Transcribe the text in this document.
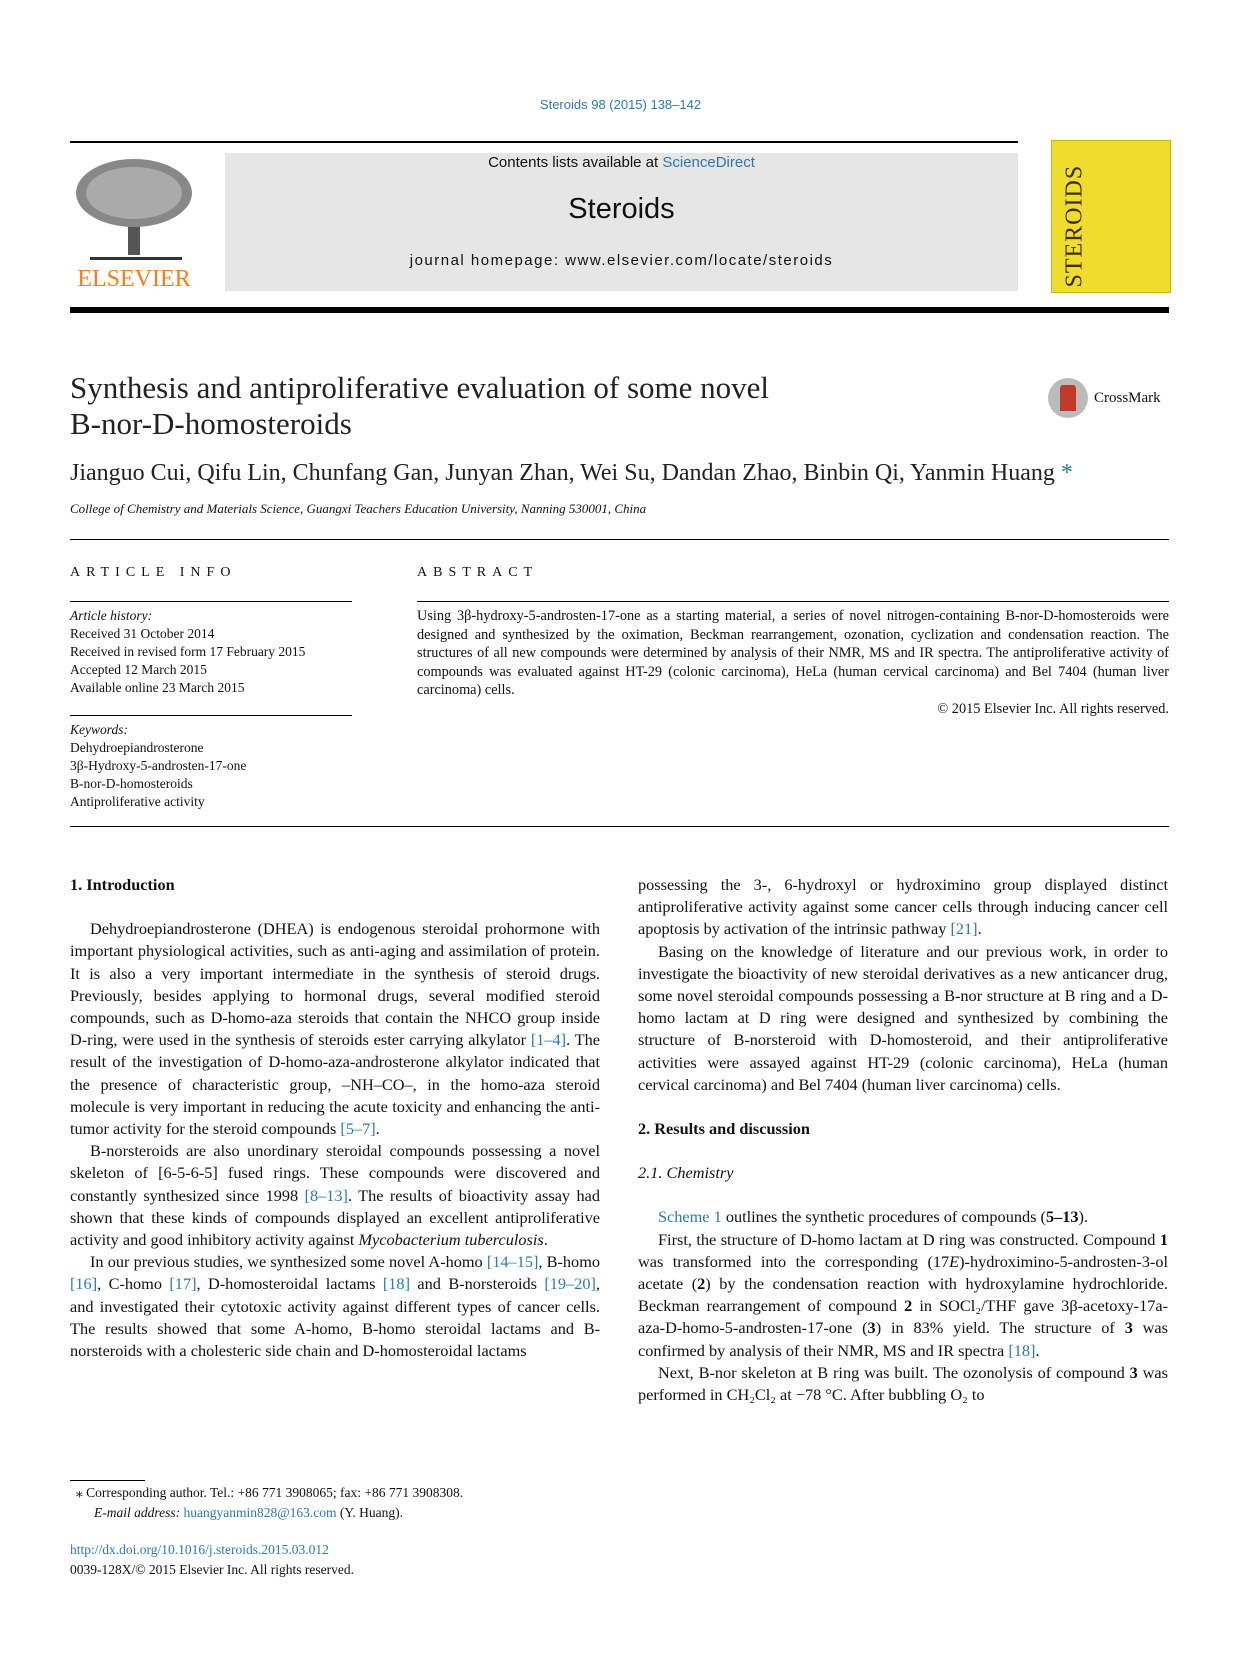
Steroids 98 (2015) 138–142
ELSEVIER
Contents lists available at ScienceDirect
Steroids
journal homepage: www.elsevier.com/locate/steroids	STEROIDS
Synthesis and antiproliferative evaluation of some novel
B-nor-D-homosteroids
CrossMark
Jianguo Cui, Qifu Lin, Chunfang Gan, Junyan Zhan, Wei Su, Dandan Zhao, Binbin Qi, Yanmin Huang *
College of Chemistry and Materials Science, Guangxi Teachers Education University, Nanning 530001, China
ARTICLE INFO
Article history:
Received 31 October 2014
Received in revised form 17 February 2015
Accepted 12 March 2015
Available online 23 March 2015
Keywords:
Dehydroepiandrosterone
3β-Hydroxy-5-androsten-17-one
B-nor-D-homosteroids
Antiproliferative activity
ABSTRACT
Using 3β-hydroxy-5-androsten-17-one as a starting material, a series of novel nitrogen-containing B-nor-D-homosteroids were designed and synthesized by the oximation, Beckman rearrangement, ozonation, cyclization and condensation reaction. The structures of all new compounds were determined by analysis of their NMR, MS and IR spectra. The antiproliferative activity of compounds was evaluated against HT-29 (colonic carcinoma), HeLa (human cervical carcinoma) and Bel 7404 (human liver carcinoma) cells.
© 2015 Elsevier Inc. All rights reserved.
1. Introduction

Dehydroepiandrosterone (DHEA) is endogenous steroidal prohormone with important physiological activities, such as anti-aging and assimilation of protein. It is also a very important intermediate in the synthesis of steroid drugs. Previously, besides applying to hormonal drugs, several modified steroid compounds, such as D-homo-aza steroids that contain the NHCO group inside D-ring, were used in the synthesis of steroids ester carrying alkylator [1–4]. The result of the investigation of D-homo-aza-androsterone alkylator indicated that the presence of characteristic group, –NH–CO–, in the homo-aza steroid molecule is very important in reducing the acute toxicity and enhancing the anti-tumor activity for the steroid compounds [5–7].

B-norsteroids are also unordinary steroidal compounds possessing a novel skeleton of [6-5-6-5] fused rings. These compounds were discovered and constantly synthesized since 1998 [8–13]. The results of bioactivity assay had shown that these kinds of compounds displayed an excellent antiproliferative activity and good inhibitory activity against Mycobacterium tuberculosis.

In our previous studies, we synthesized some novel A-homo [14–15], B-homo [16], C-homo [17], D-homosteroidal lactams [18] and B-norsteroids [19–20], and investigated their cytotoxic activity against different types of cancer cells. The results showed that some A-homo, B-homo steroidal lactams and B-norsteroids with a cholesteric side chain and D-homosteroidal lactams

possessing the 3-, 6-hydroxyl or hydroximino group displayed distinct antiproliferative activity against some cancer cells through inducing cancer cell apoptosis by activation of the intrinsic pathway [21].

Basing on the knowledge of literature and our previous work, in order to investigate the bioactivity of new steroidal derivatives as a new anticancer drug, some novel steroidal compounds possessing a B-nor structure at B ring and a D-homo lactam at D ring were designed and synthesized by combining the structure of B-norsteroid with D-homosteroid, and their antiproliferative activities were assayed against HT-29 (colonic carcinoma), HeLa (human cervical carcinoma) and Bel 7404 (human liver carcinoma) cells.

2. Results and discussion
2.1. Chemistry

Scheme 1 outlines the synthetic procedures of compounds (5–13).

First, the structure of D-homo lactam at D ring was constructed. Compound 1 was transformed into the corresponding (17E)-hydroximino-5-androsten-3-ol acetate (2) by the condensation reaction with hydroxylamine hydrochloride. Beckman rearrangement of compound 2 in SOCl₂/THF gave 3β-acetoxy-17a-aza-D-homo-5-androsten-17-one (3) in 83% yield. The structure of 3 was confirmed by analysis of their NMR, MS and IR spectra [18].

Next, B-nor skeleton at B ring was built. The ozonolysis of compound 3 was performed in CH₂Cl₂ at −78 °C. After bubbling O₂ to

⁎ Corresponding author. Tel.: +86 771 3908065; fax: +86 771 3908308.
E-mail address: huangyanmin828@163.com (Y. Huang).
http://dx.doi.org/10.1016/j.steroids.2015.03.012
0039-128X/© 2015 Elsevier Inc. All rights reserved.
